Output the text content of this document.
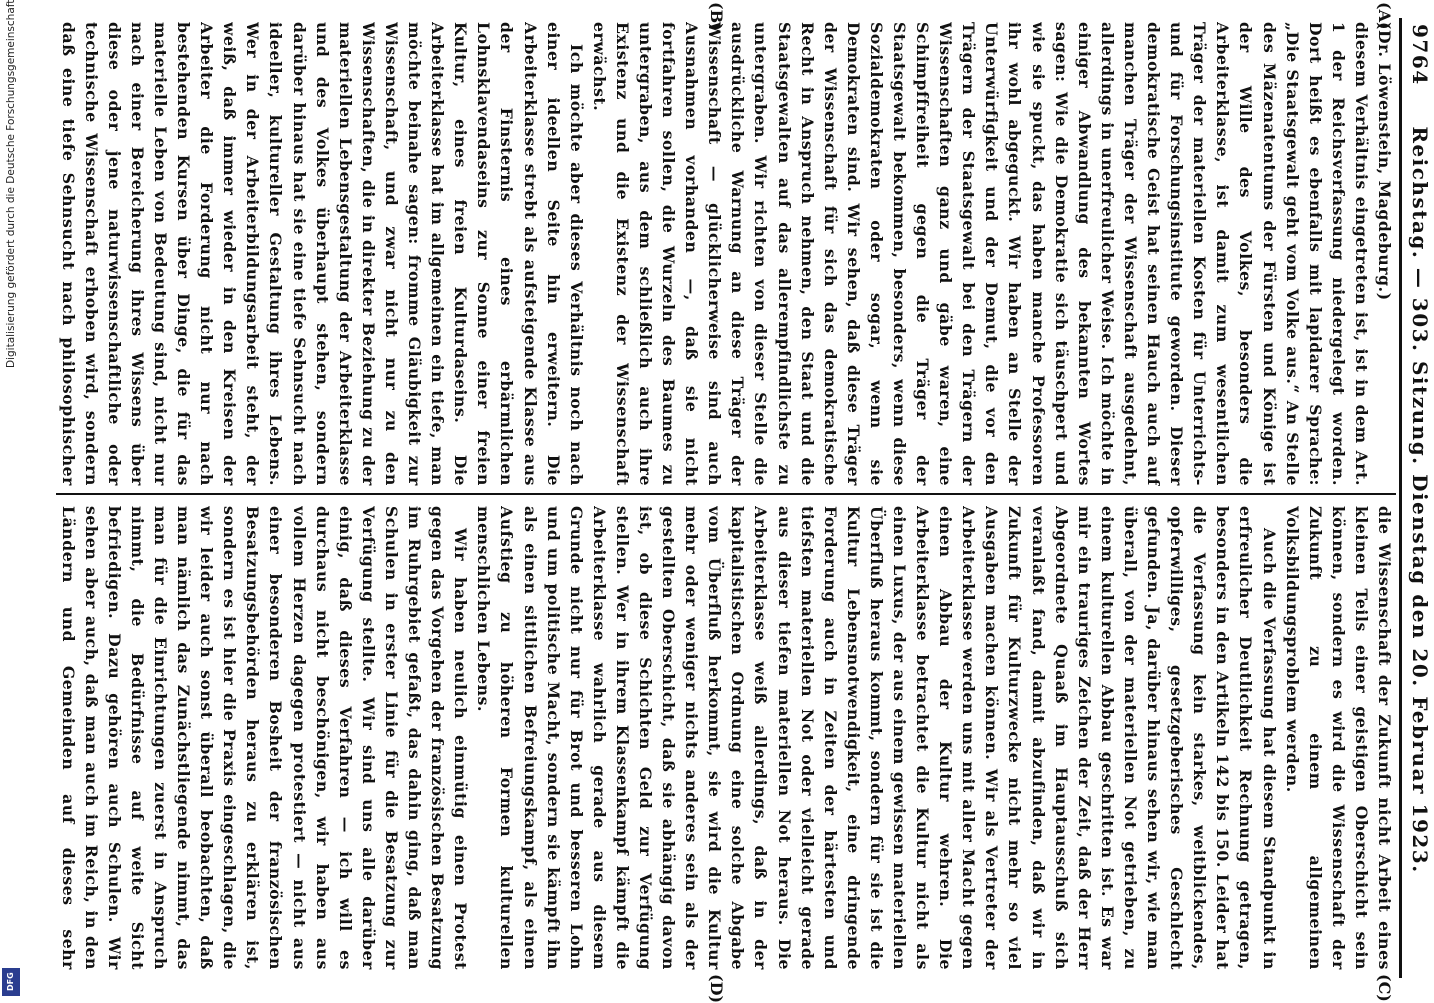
Digitalisierung gefördert durch die Deutsche Forschungsgemeinschaft
DFG
9764
Reichstag. — 303. Sitzung. Dienstag den 20. Februar 1923.
(A)
(B)
(C)
(D)

(Dr. Löwenstein, Magdeburg.)

diesem Verhältnis eingetreten ist, ist in dem Art. 1 der Reichsverfassung niedergelegt worden. Dort heißt es ebenfalls mit lapidarer Sprache: „Die Staatsgewalt geht vom Volke aus.“ An Stelle des Mäzenatentums der Fürsten und Könige ist der Wille des Volkes, besonders die Arbeiterklasse, ist damit zum wesentlichen Träger der materiellen Kosten für Unterrichts- und für Forschungsinstitute geworden. Dieser demokratische Geist hat seinen Hauch auch auf manchen Träger der Wissenschaft ausgedehnt, allerdings in unerfreulicher Weise. Ich möchte in einiger Abwandlung des bekannten Wortes sagen: Wie die Demokratie sich täuschpert und wie sie spuckt, das haben manche Professoren ihr wohl abgeguckt. Wir haben an Stelle der Unterwürfigkeit und der Demut, die vor den Trägern der Staatsgewalt bei den Trägern der Wissenschaften ganz und gäbe waren, eine Schimpffreiheit gegen die Träger der Staatsgewalt bekommen, besonders, wenn diese Sozialdemokraten oder sogar, wenn sie Demokraten sind. Wir sehen, daß diese Träger der Wissenschaft für sich das demokratische Recht in Anspruch nehmen, den Staat und die Staatsgewalten auf das allerempfindlichste zu untergraben. Wir richten von dieser Stelle die ausdrückliche Warnung an diese Träger der Wissenschaft — glücklicherweise sind auch Ausnahmen vorhanden —, daß sie nicht fortfahren sollen, die Wurzeln des Baumes zu untergraben, aus dem schließlich auch ihre Existenz und die Existenz der Wissenschaft erwächst.

Ich möchte aber dieses Verhältnis noch nach einer ideellen Seite hin erweitern. Die Arbeiterklasse strebt als aufsteigende Klasse aus der Finsternis eines erbärmlichen Lohnsklavendaseins zur Sonne einer freien Kultur, eines freien Kulturdaseins. Die Arbeiterklasse hat im allgemeinen ein tiefe, man möchte beinahe sagen: fromme Gläubigkeit zur Wissenschaft, und zwar nicht nur zu den Wissenschaften, die in direkter Beziehung zu der materiellen Lebensgestaltung der Arbeiterklasse und des Volkes überhaupt stehen, sondern darüber hinaus hat sie eine tiefe Sehnsucht nach ideeller, kultureller Gestaltung ihres Lebens. Wer in der Arbeiterbildungsarbeit steht, der weiß, daß immer wieder in den Kreisen der Arbeiter die Forderung nicht nur nach bestehenden Kursen über Dinge, die für das materielle Leben von Bedeutung sind, nicht nur nach einer Bereicherung ihres Wissens über diese oder jene naturwissenschaftliche oder technische Wissenschaft erhoben wird, sondern daß eine tiefe Sehnsucht nach philosophischer

die Wissenschaft der Zukunft nicht Arbeit eines kleinen Teils einer geistigen Oberschicht sein können, sondern es wird die Wissenschaft der Zukunft zu einem allgemeinen Volksbildungsproblem werden.

Auch die Verfassung hat diesem Standpunkt in erfreulicher Deutlichkeit Rechnung getragen, besonders in den Artikeln 142 bis 150. Leider hat die Verfassung kein starkes, weitblickendes, opferwilliges, gesetzgeberisches Geschlecht gefunden. Ja, darüber hinaus sehen wir, wie man überall, von der materiellen Not getrieben, zu einem kulturellen Abbau geschritten ist. Es war mir ein trauriges Zeichen der Zeit, daß der Herr Abgeordnete Quaaß im Hauptausschuß sich veranlaßt fand, damit abzufinden, daß wir in Zukunft für Kulturzwecke nicht mehr so viel Ausgaben machen können. Wir als Vertreter der Arbeiterklasse werden uns mit aller Macht gegen einen Abbau der Kultur wehren. Die Arbeiterklasse betrachtet die Kultur nicht als einen Luxus, der aus einem gewissen materiellen Überfluß heraus kommt, sondern für sie ist die Kultur Lebensnotwendigkeit, eine dringende Forderung auch in Zeiten der härtesten und tiefsten materiellen Not oder vielleicht gerade aus dieser tiefen materiellen Not heraus. Die Arbeiterklasse weiß allerdings, daß in der kapitalistischen Ordnung eine solche Abgabe vom Überfluß herkommt, sie wird die Kultur mehr oder weniger nichts anderes sein als der gestellten Oberschicht, daß sie abhängig davon ist, ob diese Schichten Geld zur Verfügung stellen. Wer in ihrem Klassenkampf kämpft die Arbeiterklasse wahrlich gerade aus diesem Grunde nicht nur für Brot und besseren Lohn und um politische Macht, sondern sie kämpft ihn als einen sittlichen Befreiungskampf, als einen Aufstieg zu höheren Formen kulturellen menschlichen Lebens.

Wir haben neulich einmütig einen Protest gegen das Vorgehen der französischen Besatzung im Ruhrgebiet gefaßt, das dahin ging, daß man Schulen in erster Linie für die Besatzung zur Verfügung stellte. Wir sind uns alle darüber einig, daß dieses Verfahren — ich will es durchaus nicht beschönigen, wir haben aus vollem Herzen dagegen protestiert — nicht aus einer besonderen Bosheit der französischen Besatzungsbehörden heraus zu erklären ist, sondern es ist hier die Praxis eingeschlagen, die wir leider auch sonst überall beobachten, daß man nämlich das Zunächstliegende nimmt, das man für die Einrichtungen zuerst in Anspruch nimmt, die Bedürfnisse auf weite Sicht befriedigen. Dazu gehören auch Schulen. Wir sehen aber auch, daß man auch im Reich, in den Ländern und Gemeinden auf dieses sehr
